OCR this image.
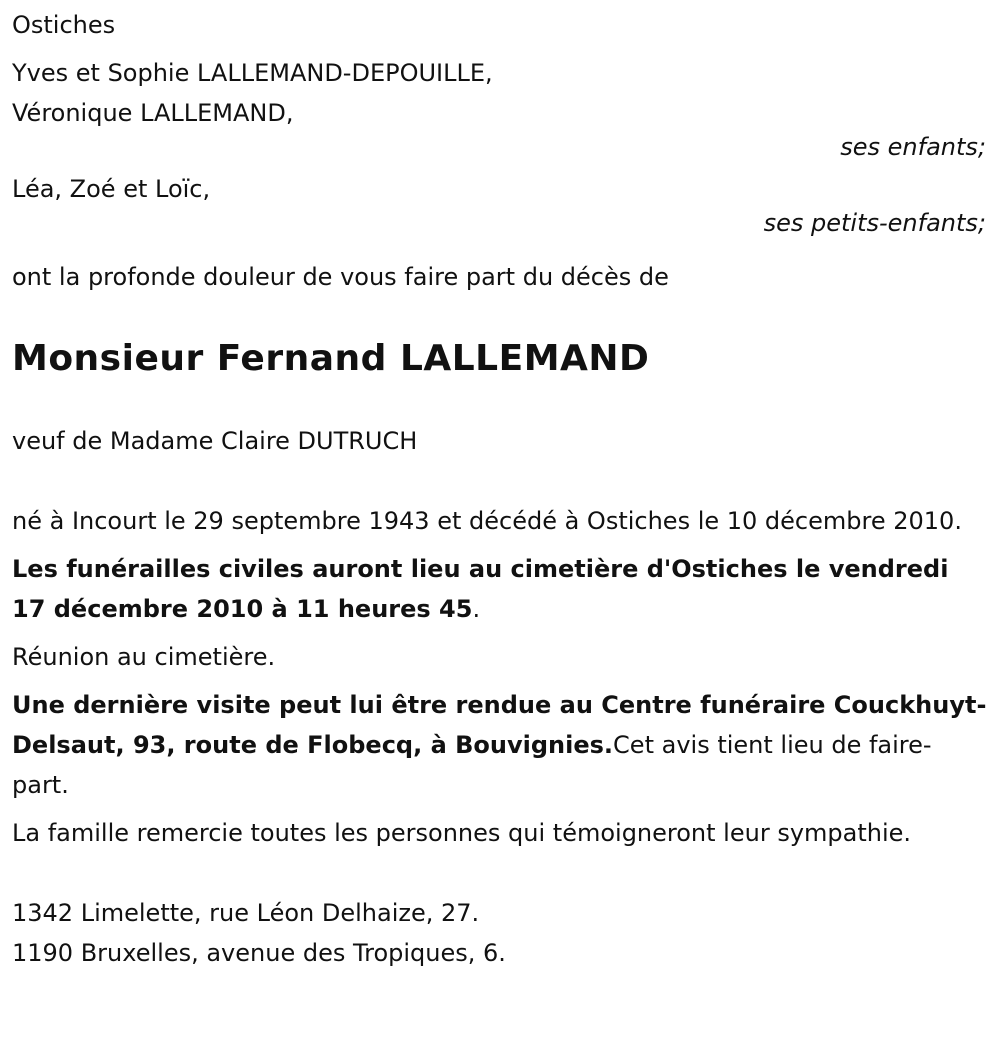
Ostiches

Yves et Sophie LALLEMAND-DEPOUILLE,

Véronique LALLEMAND,

ses enfants;

Léa, Zoé et Loïc,

ses petits-enfants;

ont la profonde douleur de vous faire part du décès de

Monsieur Fernand LALLEMAND

veuf de Madame Claire DUTRUCH

né à Incourt le 29 septembre 1943 et décédé à Ostiches le 10 décembre 2010.

Les funérailles civiles auront lieu au cimetière d'Ostiches le vendredi 17 décembre 2010 à 11 heures 45.

Réunion au cimetière.

Une dernière visite peut lui être rendue au Centre funéraire Couckhuyt-Delsaut, 93, route de Flobecq, à Bouvignies.Cet avis tient lieu de faire-part.

La famille remercie toutes les personnes qui témoigneront leur sympathie.

1342 Limelette, rue Léon Delhaize, 27.

1190 Bruxelles, avenue des Tropiques, 6.
